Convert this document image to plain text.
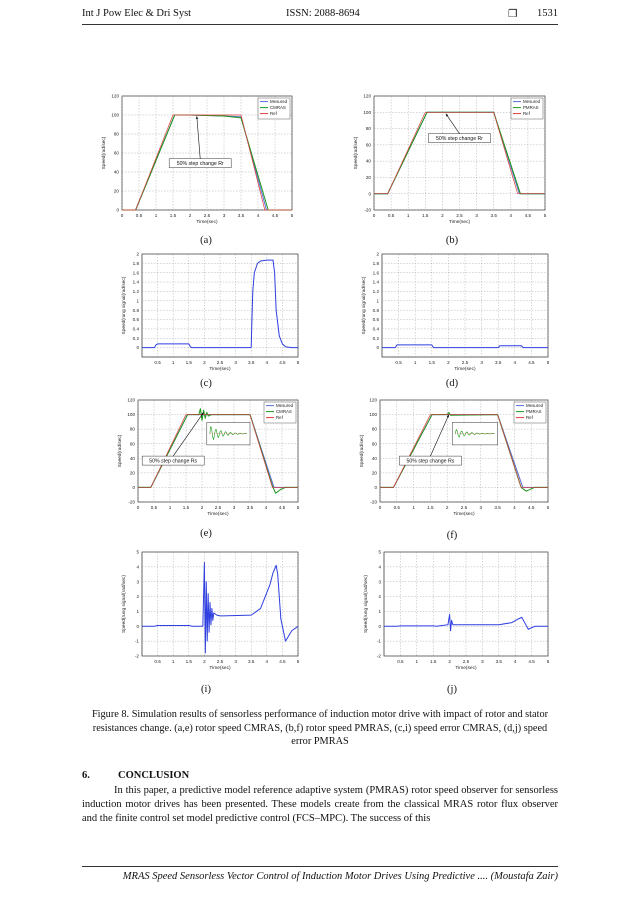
Int J Pow Elec & Dri Syst	ISSN: 2088-8694	❒ 1531
0	0.5	1	1.5	2	2.5	3	3.5	4	4.5	5
0
20
40
60
80
100
120
Time(sec)
Speed(rad/sec)
Mesured
CMRAS
Ref
50% step change Rr
(a)
0	0.5	1	1.5	2	2.5	3	3.5	4	4.5	5
-20
0
20
40
60
80
100
120
Time(sec)
Speed(rad/sec)
Mesured
PMRAS
Ref
50% step change Rr
(b)
0.5 1 1.5 2 2.5 3 3.5 4 4.5 5
0
0.2
0.4
0.6
0.8
1
1.2
1.4
1.6
1.8
2
Time(sec)
Speed(rung signal(rad/sec)
(c)
0.5	1	1.5	2	2.5	3	3.5	4	4.5	5
0
0.2
0.4
0.6
0.8
1
1.2
1.4
1.6
1.8
2
Time(sec)
Speed(rung signal(rad/sec)
(d)
0	0.5	1	1.5	2	2.5	3	3.5	4	4.5	5
-20
0
20
40
60
80
100
120
Time(sec)
Speed(rad/sec)
Mesured
CMRAS
Ref
50% step change Rs
(e)
0	0.5	1	1.5	2	2.5	3	3.5	4	4.5	5
-20
0
20
40
60
80
100
120
Time(sec)
Speed(rad/sec)
Mesured
PMRAS
Ref
50% step change Rs
(f)
0.5 1 1.5 2 2.5 3 3.5 4 4.5 5
-2
-1
0
1
2
3
4
5
Time(sec)
Speed(rung signal(rad/sec)
(i)
0.5	1	1.5	2	2.5	3	3.5	4	4.5	5
-2
-1
0
1
2
3
4
5
Time(sec)
Speed(rung signal(rad/sec)
(j)
Figure 8. Simulation results of sensorless performance of induction motor drive with impact of rotor and stator resistances change. (a,e) rotor speed CMRAS, (b,f) rotor speed PMRAS, (c,i) speed error CMRAS, (d,j) speed error PMRAS
6.	CONCLUSION
In this paper, a predictive model reference adaptive system (PMRAS) rotor speed observer for sensorless induction motor drives has been presented. These models create from the classical MRAS rotor flux observer and the finite control set model predictive control (FCS–MPC). The success of this
MRAS Speed Sensorless Vector Control of Induction Motor Drives Using Predictive .... (Moustafa Zair)
